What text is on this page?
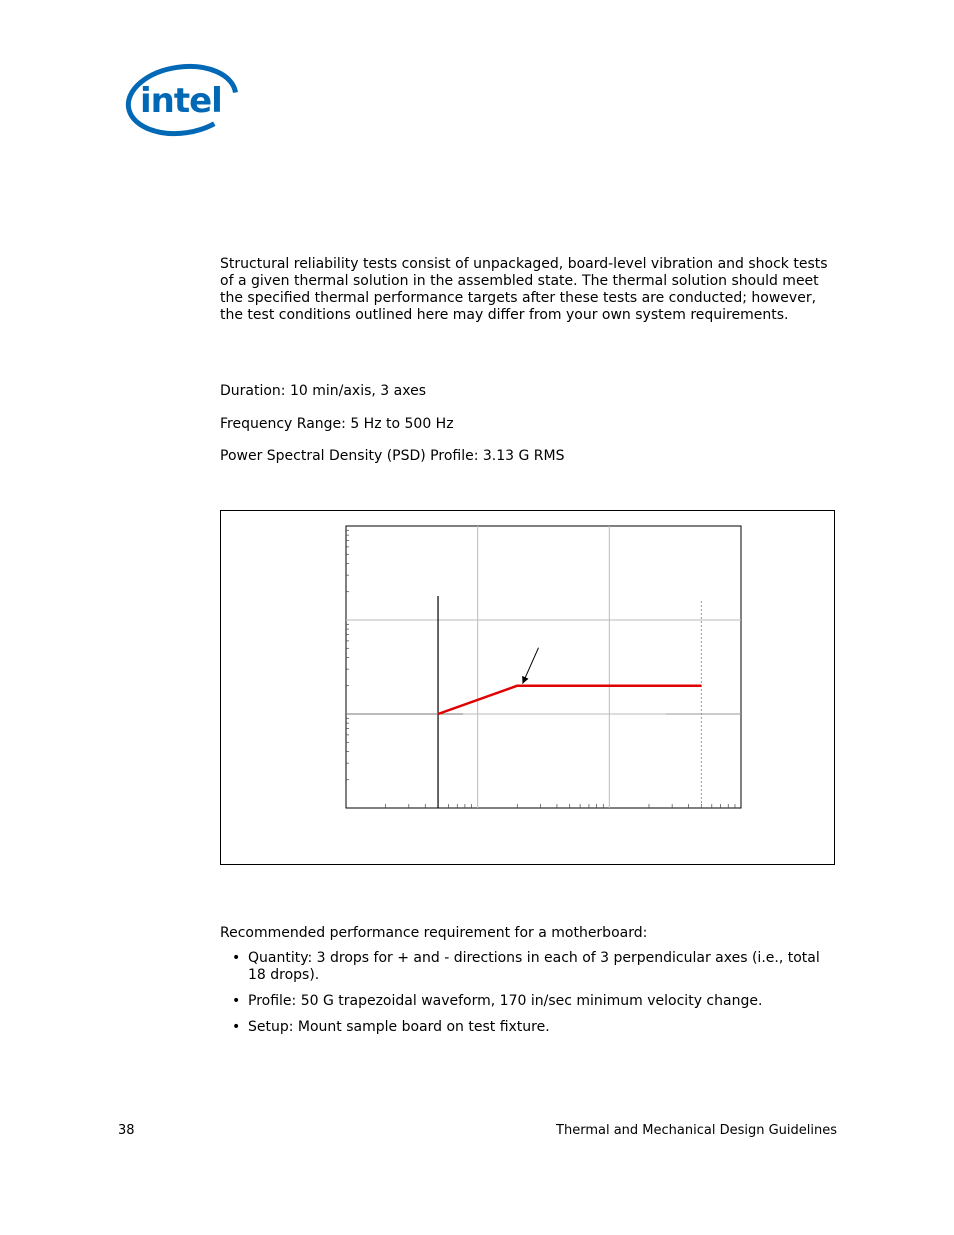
intel

Structural reliability tests consist of unpackaged, board-level vibration and shock tests of a given thermal solution in the assembled state. The thermal solution should meet the specified thermal performance targets after these tests are conducted; however, the test conditions outlined here may differ from your own system requirements.

Duration: 10 min/axis, 3 axes
Frequency Range: 5 Hz to 500 Hz
Power Spectral Density (PSD) Profile: 3.13 G RMS
Recommended performance requirement for a motherboard:
• Quantity: 3 drops for + and - directions in each of 3 perpendicular axes (i.e., total 18 drops).
• Profile: 50 G trapezoidal waveform, 170 in/sec minimum velocity change.
• Setup: Mount sample board on test fixture.
38	Thermal and Mechanical Design Guidelines
